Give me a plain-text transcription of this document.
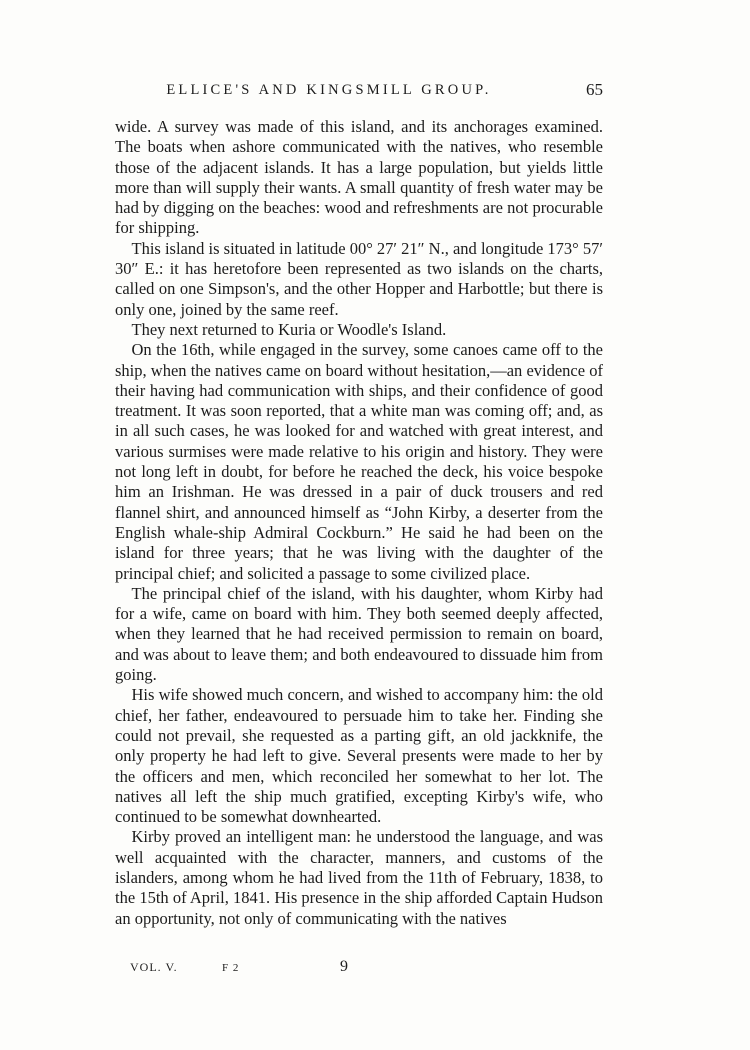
ELLICE'S AND KINGSMILL GROUP.	65

wide. A survey was made of this island, and its anchorages examined. The boats when ashore communicated with the natives, who resemble those of the adjacent islands. It has a large population, but yields little more than will supply their wants. A small quantity of fresh water may be had by digging on the beaches: wood and refreshments are not procurable for shipping.

This island is situated in latitude 00° 27′ 21″ N., and longitude 173° 57′ 30″ E.: it has heretofore been represented as two islands on the charts, called on one Simpson's, and the other Hopper and Harbottle; but there is only one, joined by the same reef.

They next returned to Kuria or Woodle's Island.

On the 16th, while engaged in the survey, some canoes came off to the ship, when the natives came on board without hesitation,—an evidence of their having had communication with ships, and their confidence of good treatment. It was soon reported, that a white man was coming off; and, as in all such cases, he was looked for and watched with great interest, and various surmises were made relative to his origin and history. They were not long left in doubt, for before he reached the deck, his voice bespoke him an Irishman. He was dressed in a pair of duck trousers and red flannel shirt, and announced himself as “John Kirby, a deserter from the English whale-ship Admiral Cockburn.” He said he had been on the island for three years; that he was living with the daughter of the principal chief; and solicited a passage to some civilized place.

The principal chief of the island, with his daughter, whom Kirby had for a wife, came on board with him. They both seemed deeply affected, when they learned that he had received permission to remain on board, and was about to leave them; and both endeavoured to dissuade him from going.

His wife showed much concern, and wished to accompany him: the old chief, her father, endeavoured to persuade him to take her. Finding she could not prevail, she requested as a parting gift, an old jackknife, the only property he had left to give. Several presents were made to her by the officers and men, which reconciled her somewhat to her lot. The natives all left the ship much gratified, excepting Kirby's wife, who continued to be somewhat downhearted.

Kirby proved an intelligent man: he understood the language, and was well acquainted with the character, manners, and customs of the islanders, among whom he had lived from the 11th of February, 1838, to the 15th of April, 1841. His presence in the ship afforded Captain Hudson an opportunity, not only of communicating with the natives

VOL. V.	F 2	9
